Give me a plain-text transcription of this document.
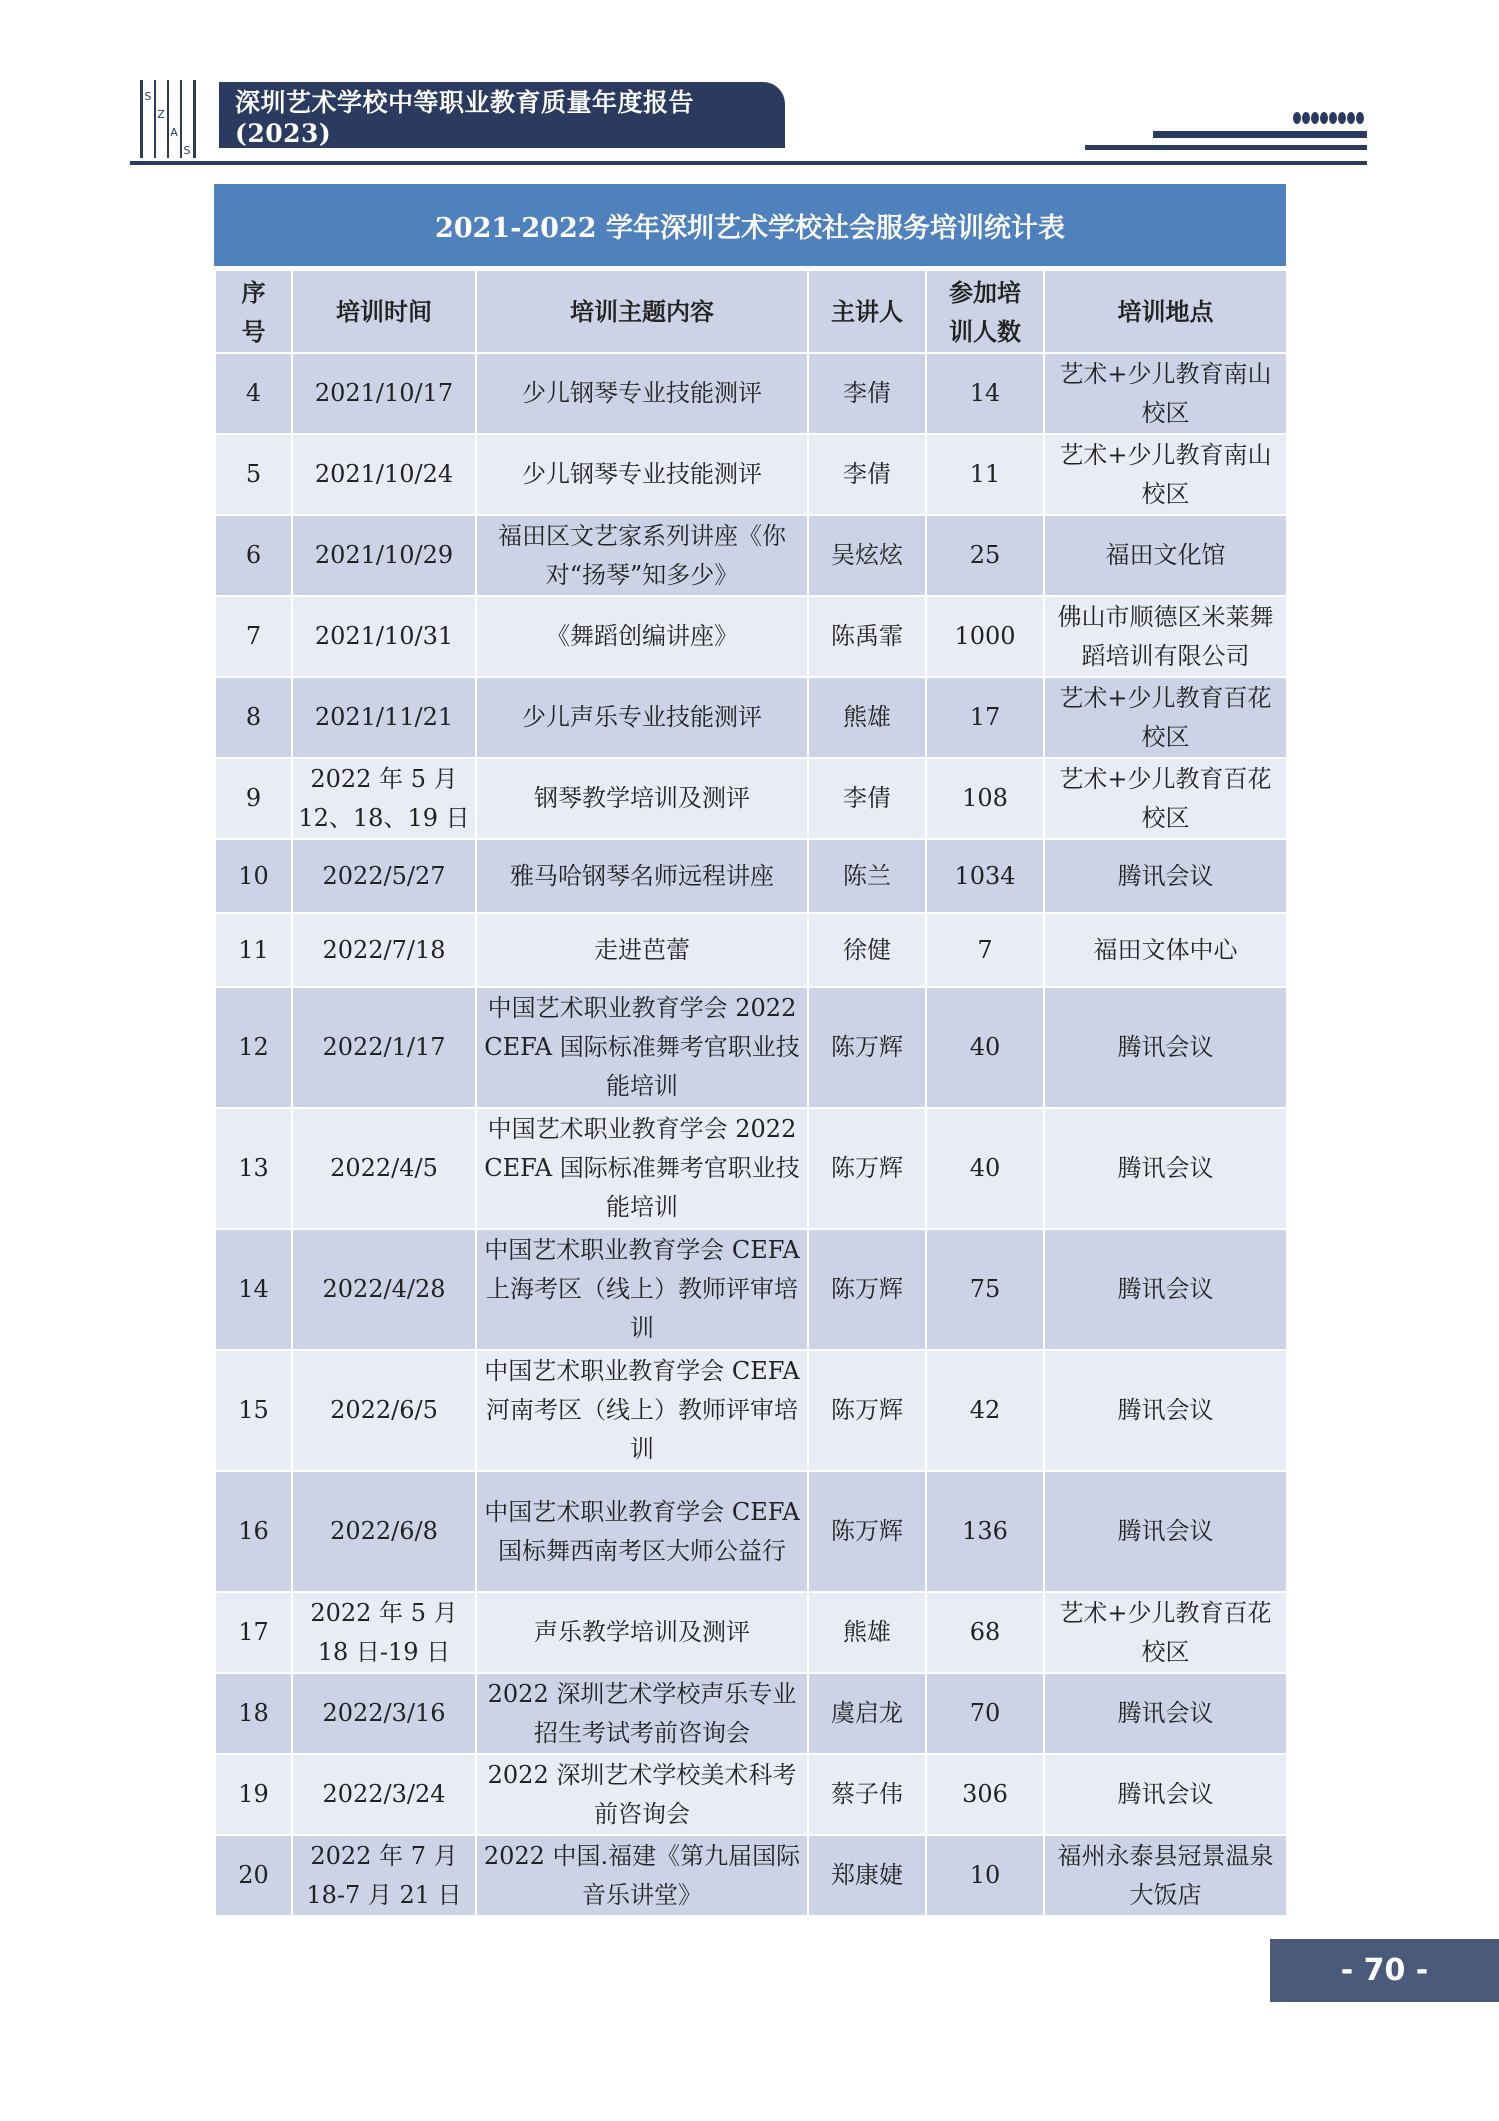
S
Z
A
S
深圳艺术学校中等职业教育质量年度报告(2023)
2021-2022 学年深圳艺术学校社会服务培训统计表
序号	培训时间	培训主题内容	主讲人	参加培训人数	培训地点
4	2021/10/17	少儿钢琴专业技能测评	李倩	14	艺术+少儿教育南山校区
5	2021/10/24	少儿钢琴专业技能测评	李倩	11	艺术+少儿教育南山校区
6	2021/10/29	福田区文艺家系列讲座《你对“扬琴”知多少》	吴炫炫	25	福田文化馆
7	2021/10/31	《舞蹈创编讲座》	陈禹霏	1000	佛山市顺德区米莱舞蹈培训有限公司
8	2021/11/21	少儿声乐专业技能测评	熊雄	17	艺术+少儿教育百花校区
9	2022 年 5 月 12、18、19 日	钢琴教学培训及测评	李倩	108	艺术+少儿教育百花校区
10	2022/5/27	雅马哈钢琴名师远程讲座	陈兰	1034	腾讯会议
11	2022/7/18	走进芭蕾	徐健	7	福田文体中心
12	2022/1/17	中国艺术职业教育学会 2022 CEFA 国际标准舞考官职业技能培训	陈万辉	40	腾讯会议
13	2022/4/5	中国艺术职业教育学会 2022 CEFA 国际标准舞考官职业技能培训	陈万辉	40	腾讯会议
14	2022/4/28	中国艺术职业教育学会 CEFA 上海考区（线上）教师评审培训	陈万辉	75	腾讯会议
15	2022/6/5	中国艺术职业教育学会 CEFA 河南考区（线上）教师评审培训	陈万辉	42	腾讯会议
16	2022/6/8	中国艺术职业教育学会 CEFA 国标舞西南考区大师公益行	陈万辉	136	腾讯会议
17	2022 年 5 月 18 日-19 日	声乐教学培训及测评	熊雄	68	艺术+少儿教育百花校区
18	2022/3/16	2022 深圳艺术学校声乐专业招生考试考前咨询会	虞启龙	70	腾讯会议
19	2022/3/24	2022 深圳艺术学校美术科考前咨询会	蔡子伟	306	腾讯会议
20	2022 年 7 月 18-7 月 21 日	2022 中国.福建《第九届国际音乐讲堂》	郑康婕	10	福州永泰县冠景温泉大饭店
- 70 -
